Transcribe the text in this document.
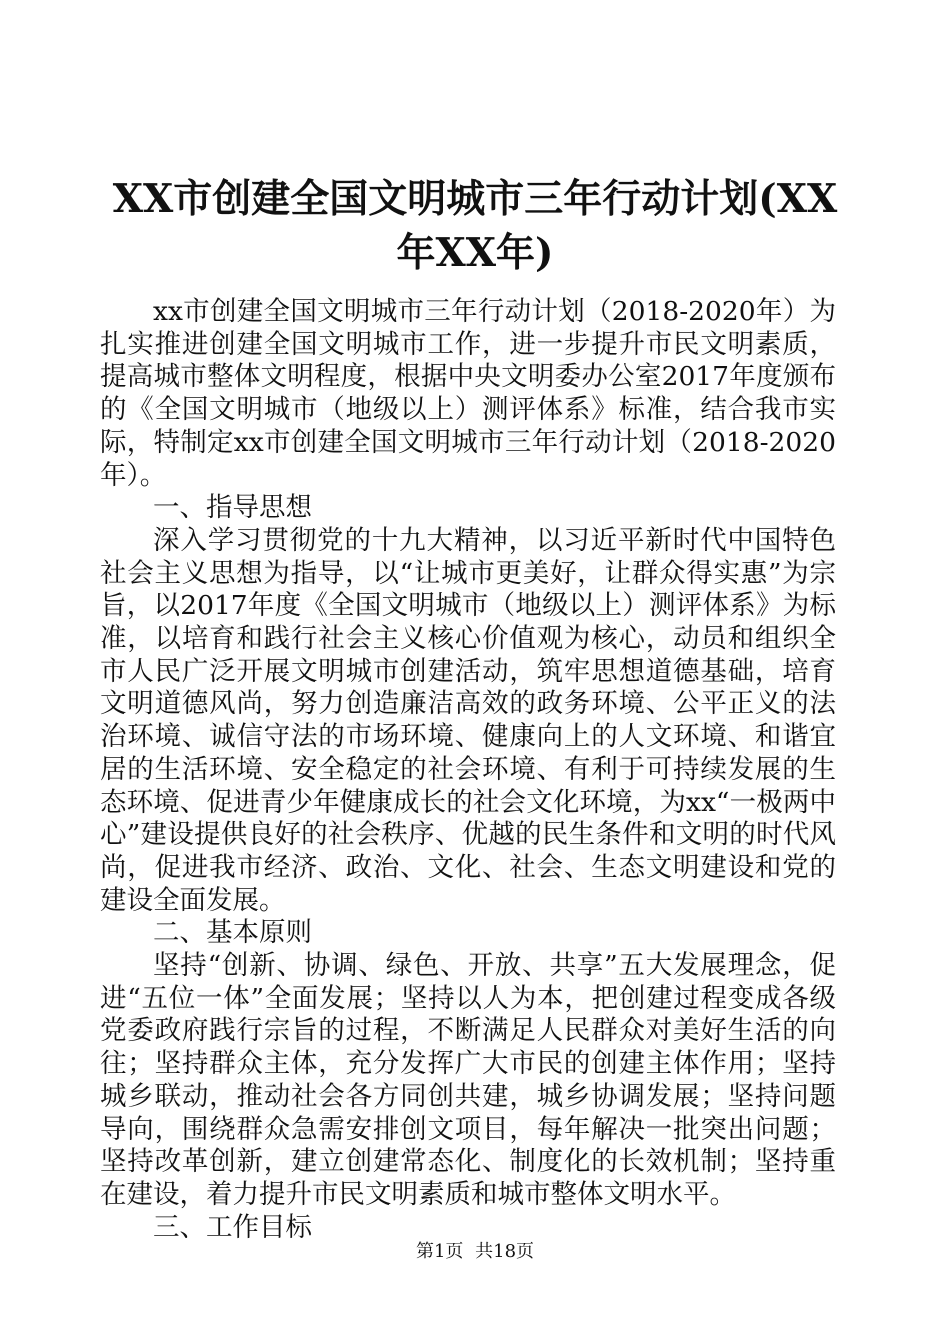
XX市创建全国文明城市三年行动计划(XX年XX年)

xx市创建全国文明城市三年行动计划（2018-2020年）为扎实推进创建全国文明城市工作，进一步提升市民文明素质，提高城市整体文明程度，根据中央文明委办公室2017年度颁布的《全国文明城市（地级以上）测评体系》标准，结合我市实际，特制定xx市创建全国文明城市三年行动计划（2018-2020年）。

一、指导思想

深入学习贯彻党的十九大精神，以习近平新时代中国特色社会主义思想为指导，以“让城市更美好，让群众得实惠”为宗旨，以2017年度《全国文明城市（地级以上）测评体系》为标准，以培育和践行社会主义核心价值观为核心，动员和组织全市人民广泛开展文明城市创建活动，筑牢思想道德基础，培育文明道德风尚，努力创造廉洁高效的政务环境、公平正义的法治环境、诚信守法的市场环境、健康向上的人文环境、和谐宜居的生活环境、安全稳定的社会环境、有利于可持续发展的生态环境、促进青少年健康成长的社会文化环境，为xx“一极两中心”建设提供良好的社会秩序、优越的民生条件和文明的时代风尚，促进我市经济、政治、文化、社会、生态文明建设和党的建设全面发展。

二、基本原则

坚持“创新、协调、绿色、开放、共享”五大发展理念，促进“五位一体”全面发展；坚持以人为本，把创建过程变成各级党委政府践行宗旨的过程，不断满足人民群众对美好生活的向往；坚持群众主体，充分发挥广大市民的创建主体作用；坚持城乡联动，推动社会各方同创共建，城乡协调发展；坚持问题导向，围绕群众急需安排创文项目，每年解决一批突出问题；坚持改革创新，建立创建常态化、制度化的长效机制；坚持重在建设，着力提升市民文明素质和城市整体文明水平。

三、工作目标

第1页 共18页
